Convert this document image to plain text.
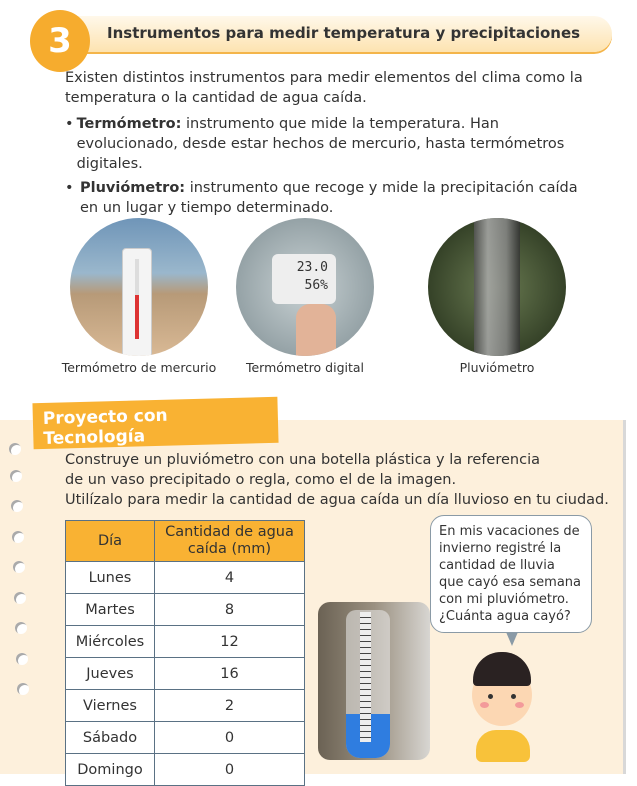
3	Instrumentos para medir temperatura y precipitaciones
Existen distintos instrumentos para medir elementos del clima como la temperatura o la cantidad de agua caída.
• Termómetro: instrumento que mide la temperatura. Han evolucionado, desde estar hechos de mercurio, hasta termómetros digitales.
• Pluviómetro: instrumento que recoge y mide la precipitación caída en un lugar y tiempo determinado.
23.0
56%
Termómetro de mercurio	Termómetro digital	Pluviómetro
Proyecto con Tecnología
Construye un pluviómetro con una botella plástica y la referencia de un vaso precipitado o regla, como el de la imagen.
Utilízalo para medir la cantidad de agua caída un día lluvioso en tu ciudad.
Día	Cantidad de agua caída (mm)
Lunes	4
Martes	8
Miércoles	12
Jueves	16
Viernes	2
Sábado	0
Domingo	0
En mis vacaciones de invierno registré la cantidad de lluvia que cayó esa semana con mi pluviómetro. ¿Cuánta agua cayó?
